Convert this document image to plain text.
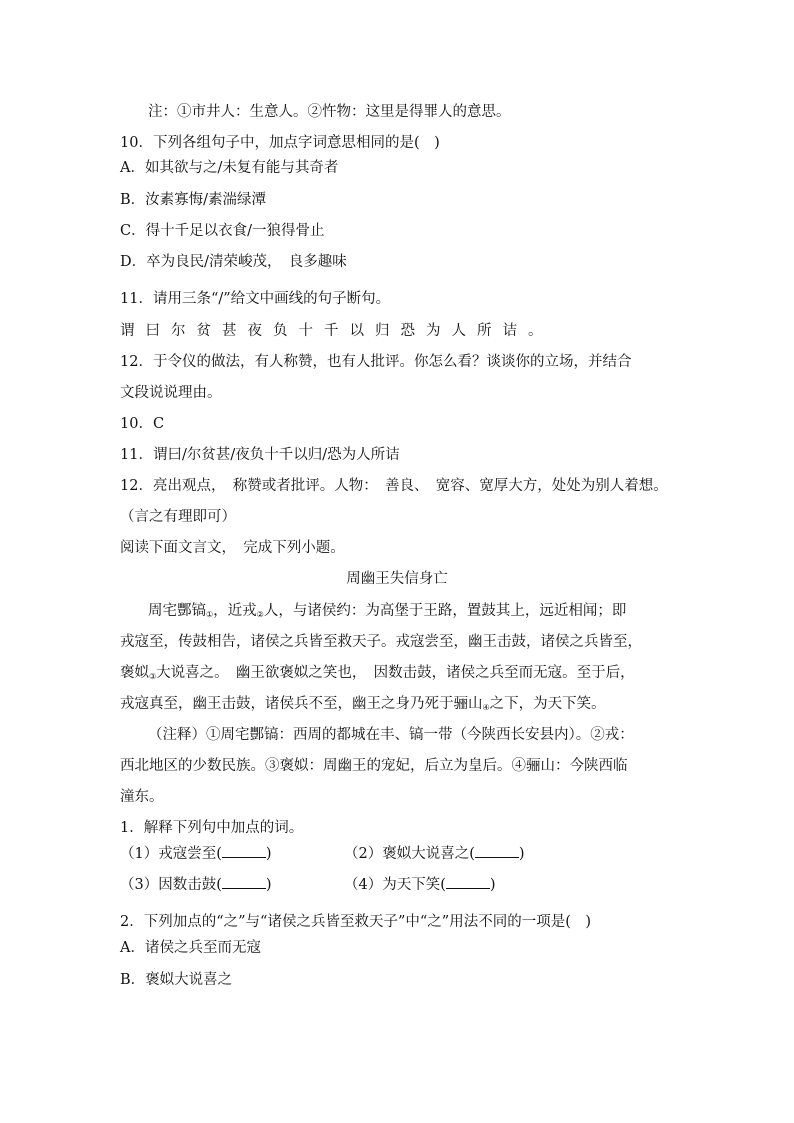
注：①市井人：生意人。②忤物：这里是得罪人的意思。
10．下列各组句子中，加点字词意思相同的是(　)
A．如其欲与之/未复有能与其奇者
B．汝素寡悔/素湍绿潭
C．得十千足以衣食/一狼得骨止
D．卒为良民/清荣峻茂，　良多趣味
11．请用三条“/”给文中画线的句子断句。
谓曰尔贫甚夜负十千以归恐为人所诘。
12．于令仪的做法，有人称赞，也有人批评。你怎么看？谈谈你的立场，并结合
文段说说理由。
10．C
11．谓曰/尔贫甚/夜负十千以归/恐为人所诘
12．亮出观点，　称赞或者批评。人物：　善良、　宽容、宽厚大方，处处为别人着想。
（言之有理即可）
阅读下面文言文，　完成下列小题。
周幽王失信身亡
周宅酆镐$_①$，近戎$_②$人，与诸侯约：为高堡于王路，置鼓其上，远近相闻；即
戎寇至，传鼓相告，诸侯之兵皆至救天子。戎寇尝至，幽王击鼓，诸侯之兵皆至，
褒姒$_③$大说喜之。　幽王欲褒姒之笑也，　因数击鼓，诸侯之兵至而无寇。至于后，
戎寇真至，幽王击鼓，诸侯兵不至，幽王之身乃死于骊山$_④$之下，为天下笑。
（注释）①周宅酆镐：西周的都城在丰、镐一带（今陕西长安县内）。②戎：
西北地区的少数民族。③褒姒：周幽王的宠妃，后立为皇后。④骊山：今陕西临
潼东。
1．解释下列句中加点的词。
（1）戎寇尝至(	)	（2）褒姒大说喜之(	)
（3）因数击鼓(	)	（4）为天下笑(	)
2．下列加点的“之”与“诸侯之兵皆至救天子”中“之”用法不同的一项是(　)
A．诸侯之兵至而无寇
B．褒姒大说喜之
